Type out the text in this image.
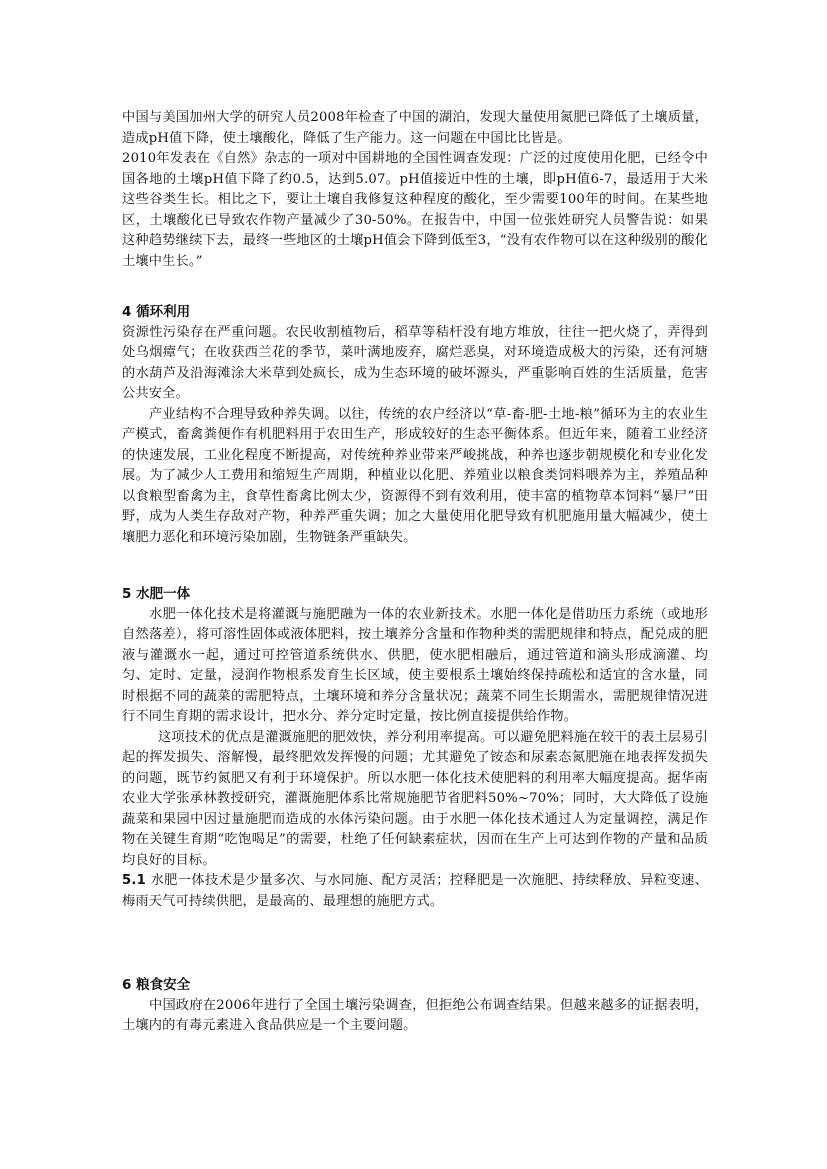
中国与美国加州大学的研究人员2008年检查了中国的湖泊，发现大量使用氮肥已降低了土壤质量，造成pH值下降，使土壤酸化，降低了生产能力。这一问题在中国比比皆是。

2010年发表在《自然》杂志的一项对中国耕地的全国性调查发现：广泛的过度使用化肥，已经令中国各地的土壤pH值下降了约0.5，达到5.07。pH值接近中性的土壤，即pH值6-7，最适用于大米这些谷类生长。相比之下，要让土壤自我修复这种程度的酸化，至少需要100年的时间。在某些地区，土壤酸化已导致农作物产量减少了30-50%。在报告中，中国一位张姓研究人员警告说：如果这种趋势继续下去，最终一些地区的土壤pH值会下降到低至3，“没有农作物可以在这种级别的酸化土壤中生长。”

4 循环利用

资源性污染存在严重问题。农民收割植物后，稻草等秸杆没有地方堆放，往往一把火烧了，弄得到处乌烟瘴气；在收获西兰花的季节，菜叶满地废弃，腐烂恶臭，对环境造成极大的污染，还有河塘的水葫芦及沿海滩涂大米草到处疯长，成为生态环境的破坏源头，严重影响百姓的生活质量，危害公共安全。

产业结构不合理导致种养失调。以往，传统的农户经济以“草-畜-肥-土地-粮”循环为主的农业生产模式，畜禽粪便作有机肥料用于农田生产，形成较好的生态平衡体系。但近年来，随着工业经济的快速发展，工业化程度不断提高，对传统种养业带来严峻挑战，种养也逐步朝规模化和专业化发展。为了减少人工费用和缩短生产周期，种植业以化肥、养殖业以粮食类饲料喂养为主，养殖品种以食粮型畜禽为主，食草性畜禽比例太少，资源得不到有效利用，使丰富的植物草本饲料“暴尸”田野，成为人类生存敌对产物，种养严重失调；加之大量使用化肥导致有机肥施用量大幅减少，使土壤肥力恶化和环境污染加剧，生物链条严重缺失。

5 水肥一体

水肥一体化技术是将灌溉与施肥融为一体的农业新技术。水肥一体化是借助压力系统（或地形自然落差），将可溶性固体或液体肥料，按土壤养分含量和作物种类的需肥规律和特点，配兑成的肥液与灌溉水一起，通过可控管道系统供水、供肥，使水肥相融后，通过管道和滴头形成滴灌、均匀、定时、定量，浸润作物根系发育生长区域，使主要根系土壤始终保持疏松和适宜的含水量，同时根据不同的蔬菜的需肥特点，土壤环境和养分含量状况；蔬菜不同生长期需水，需肥规律情况进行不同生育期的需求设计，把水分、养分定时定量，按比例直接提供给作物。

这项技术的优点是灌溉施肥的肥效快，养分利用率提高。可以避免肥料施在较干的表土层易引起的挥发损失、溶解慢，最终肥效发挥慢的问题；尤其避免了铵态和尿素态氮肥施在地表挥发损失的问题，既节约氮肥又有利于环境保护。所以水肥一体化技术使肥料的利用率大幅度提高。据华南农业大学张承林教授研究，灌溉施肥体系比常规施肥节省肥料50%~70%；同时，大大降低了设施蔬菜和果园中因过量施肥而造成的水体污染问题。由于水肥一体化技术通过人为定量调控，满足作物在关键生育期“吃饱喝足”的需要，杜绝了任何缺素症状，因而在生产上可达到作物的产量和品质均良好的目标。

5.1 水肥一体技术是少量多次、与水同施、配方灵活；控释肥是一次施肥、持续释放、异粒变速、梅雨天气可持续供肥，是最高的、最理想的施肥方式。

6 粮食安全

中国政府在2006年进行了全国土壤污染调查，但拒绝公布调查结果。但越来越多的证据表明，土壤内的有毒元素进入食品供应是一个主要问题。
